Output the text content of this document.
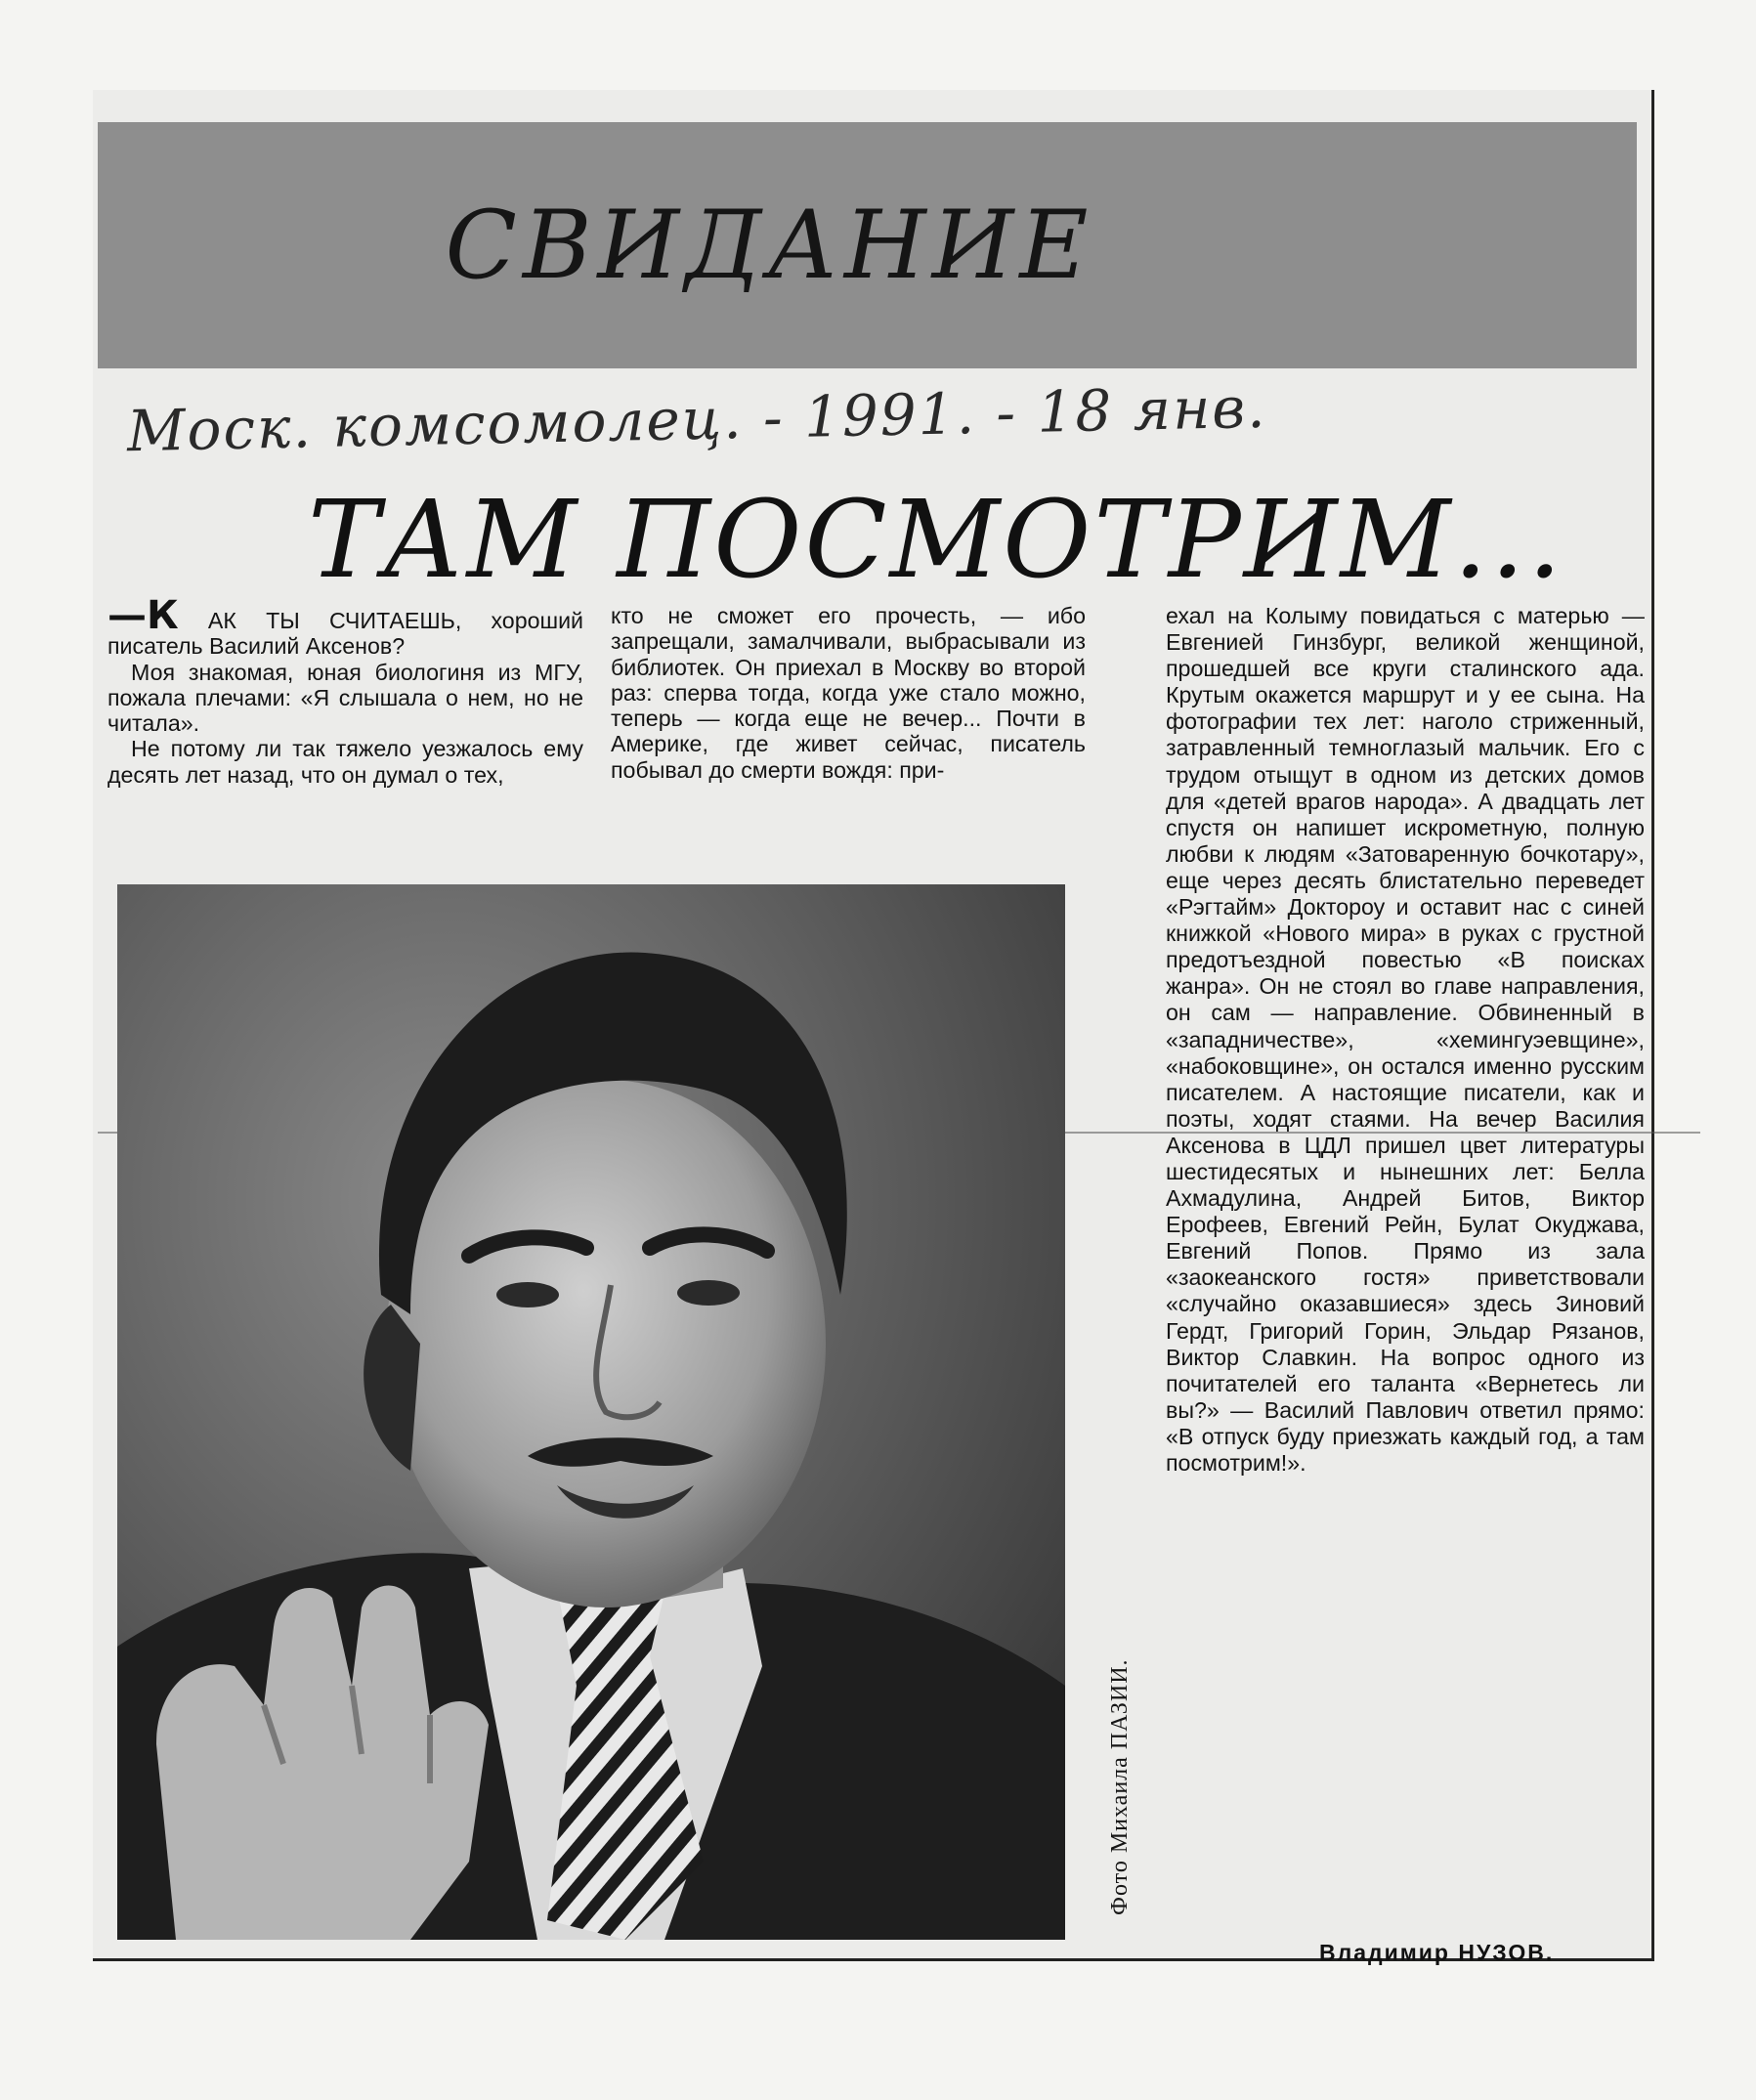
СВИДАНИЕ
Моск. комсомолец. - 1991. - 18 янв.
ТАМ ПОСМОТРИМ...

—К АК ТЫ СЧИТАЕШЬ, хороший писатель Василий Аксенов?

Моя знакомая, юная биологиня из МГУ, пожала плечами: «Я слышала о нем, но не читала».

Не потому ли так тяжело уезжалось ему десять лет назад, что он думал о тех,

кто не сможет его прочесть, — ибо запрещали, замалчивали, выбрасывали из библиотек. Он приехал в Москву во второй раз: сперва тогда, когда уже стало можно, теперь — когда еще не вечер... Почти в Америке, где живет сейчас, писатель побывал до смерти вождя: при-

ехал на Колыму повидаться с матерью — Евгенией Гинзбург, великой женщиной, прошедшей все круги сталинского ада. Крутым окажется маршрут и у ее сына. На фотографии тех лет: наголо стриженный, затравленный темноглазый мальчик. Его с трудом отыщут в одном из детских домов для «детей врагов народа». А двадцать лет спустя он напишет искрометную, полную любви к людям «Затоваренную бочкотару», еще через десять блистательно переведет «Рэгтайм» Доктороу и оставит нас с синей книжкой «Нового мира» в руках с грустной предотъездной повестью «В поисках жанра». Он не стоял во главе направления, он сам — направление. Обвиненный в «западничестве», «хемингуэевщине», «набоковщине», он остался именно русским писателем. А настоящие писатели, как и поэты, ходят стаями. На вечер Василия Аксенова в ЦДЛ пришел цвет литературы шестидесятых и нынешних лет: Белла Ахмадулина, Андрей Битов, Виктор Ерофеев, Евгений Рейн, Булат Окуджава, Евгений Попов. Прямо из зала «заокеанского гостя» приветствовали «случайно оказавшиеся» здесь Зиновий Гердт, Григорий Горин, Эльдар Рязанов, Виктор Славкин. На вопрос одного из почитателей его таланта «Вернетесь ли вы?» — Василий Павлович ответил прямо: «В отпуск буду приезжать каждый год, а там посмотрим!».

Фото Михаила ПАЗИИ.
Владимир НУЗОВ.
